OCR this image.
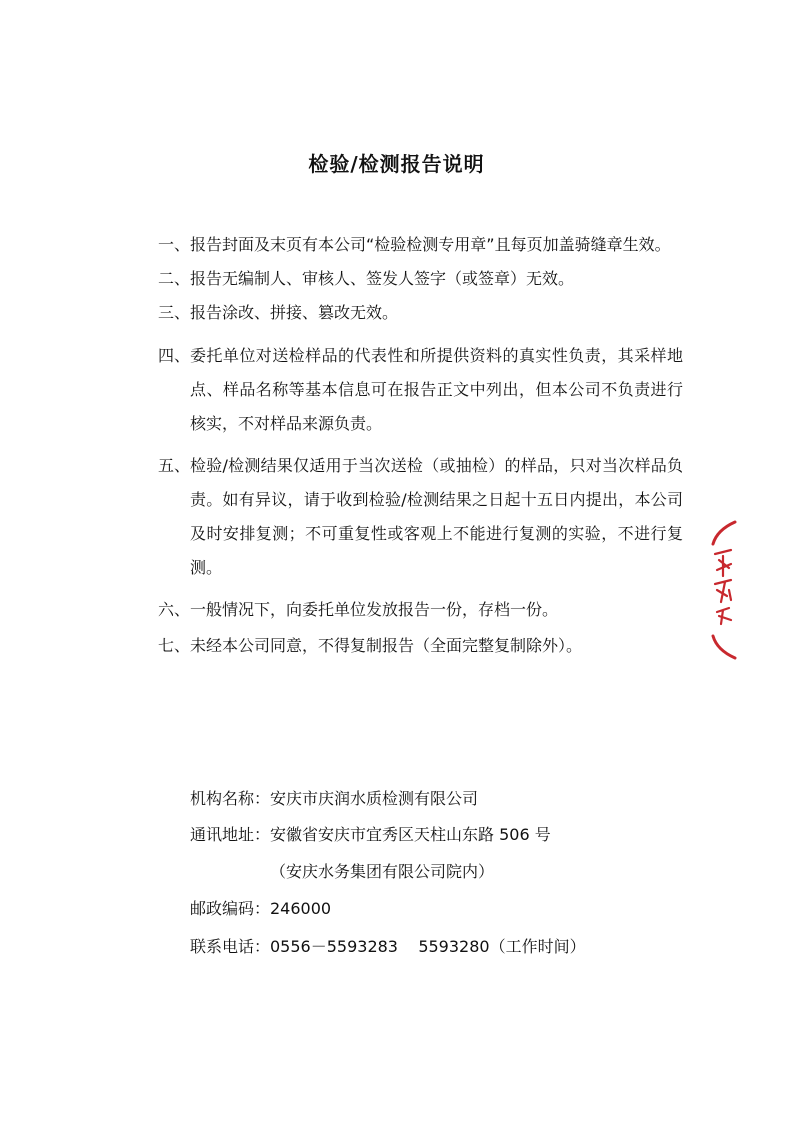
检验/检测报告说明
一、 报告封面及末页有本公司“检验检测专用章”且每页加盖骑缝章生效。
二、 报告无编制人、审核人、签发人签字（或签章）无效。
三、 报告涂改、拼接、篡改无效。
四、 委托单位对送检样品的代表性和所提供资料的真实性负责，其采样地点、样品名称等基本信息可在报告正文中列出，但本公司不负责进行核实，不对样品来源负责。
五、 检验/检测结果仅适用于当次送检（或抽检）的样品，只对当次样品负责。如有异议，请于收到检验/检测结果之日起十五日内提出，本公司及时安排复测；不可重复性或客观上不能进行复测的实验，不进行复测。
六、 一般情况下，向委托单位发放报告一份，存档一份。
七、 未经本公司同意，不得复制报告（全面完整复制除外）。
机构名称：安庆市庆润水质检测有限公司
通讯地址：安徽省安庆市宜秀区天柱山东路 506 号
（安庆水务集团有限公司院内）
邮政编码：246000
联系电话：0556－5593283    5593280（工作时间）
